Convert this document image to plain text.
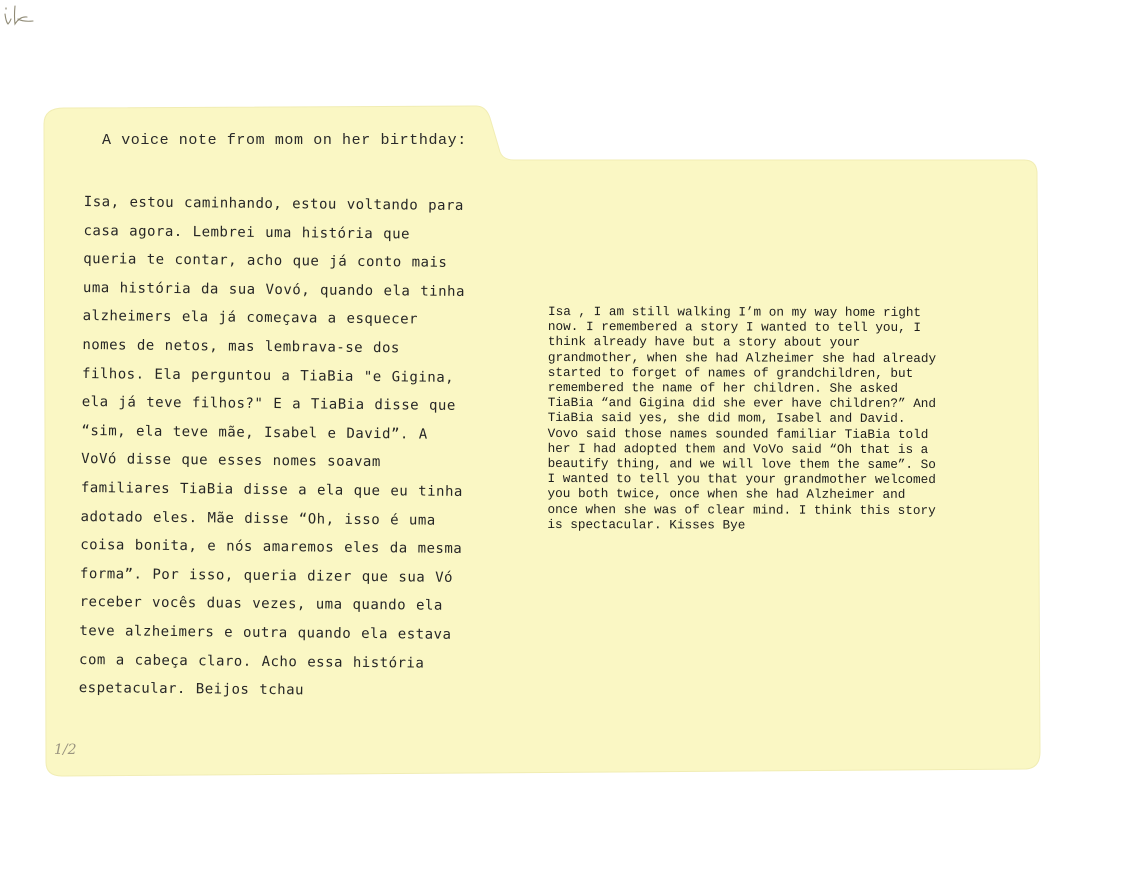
A voice note from mom on her birthday:

Isa, estou caminhando, estou voltando para
casa agora. Lembrei uma história que
queria te contar, acho que já conto mais
uma história da sua Vovó, quando ela tinha
alzheimers ela já começava a esquecer
nomes de netos, mas lembrava-se dos
filhos. Ela perguntou a TiaBia "e Gigina,
ela já teve filhos?" E a TiaBia disse que
“sim, ela teve mãe, Isabel e David”. A
VoVó disse que esses nomes soavam
familiares TiaBia disse a ela que eu tinha
adotado eles. Mãe disse “Oh, isso é uma
coisa bonita, e nós amaremos eles da mesma
forma”. Por isso, queria dizer que sua Vó
receber vocês duas vezes, uma quando ela
teve alzheimers e outra quando ela estava
com a cabeça claro. Acho essa história
espetacular. Beijos tchau
Isa , I am still walking I’m on my way home right
now. I remembered a story I wanted to tell you, I
think already have but a story about your
grandmother, when she had Alzheimer she had already
started to forget of names of grandchildren, but
remembered the name of her children. She asked
TiaBia “and Gigina did she ever have children?” And
TiaBia said yes, she did mom, Isabel and David.
Vovo said those names sounded familiar TiaBia told
her I had adopted them and VoVo said “Oh that is a
beautify thing, and we will love them the same”. So
I wanted to tell you that your grandmother welcomed
you both twice, once when she had Alzheimer and
once when she was of clear mind. I think this story
is spectacular. Kisses Bye
1/2
